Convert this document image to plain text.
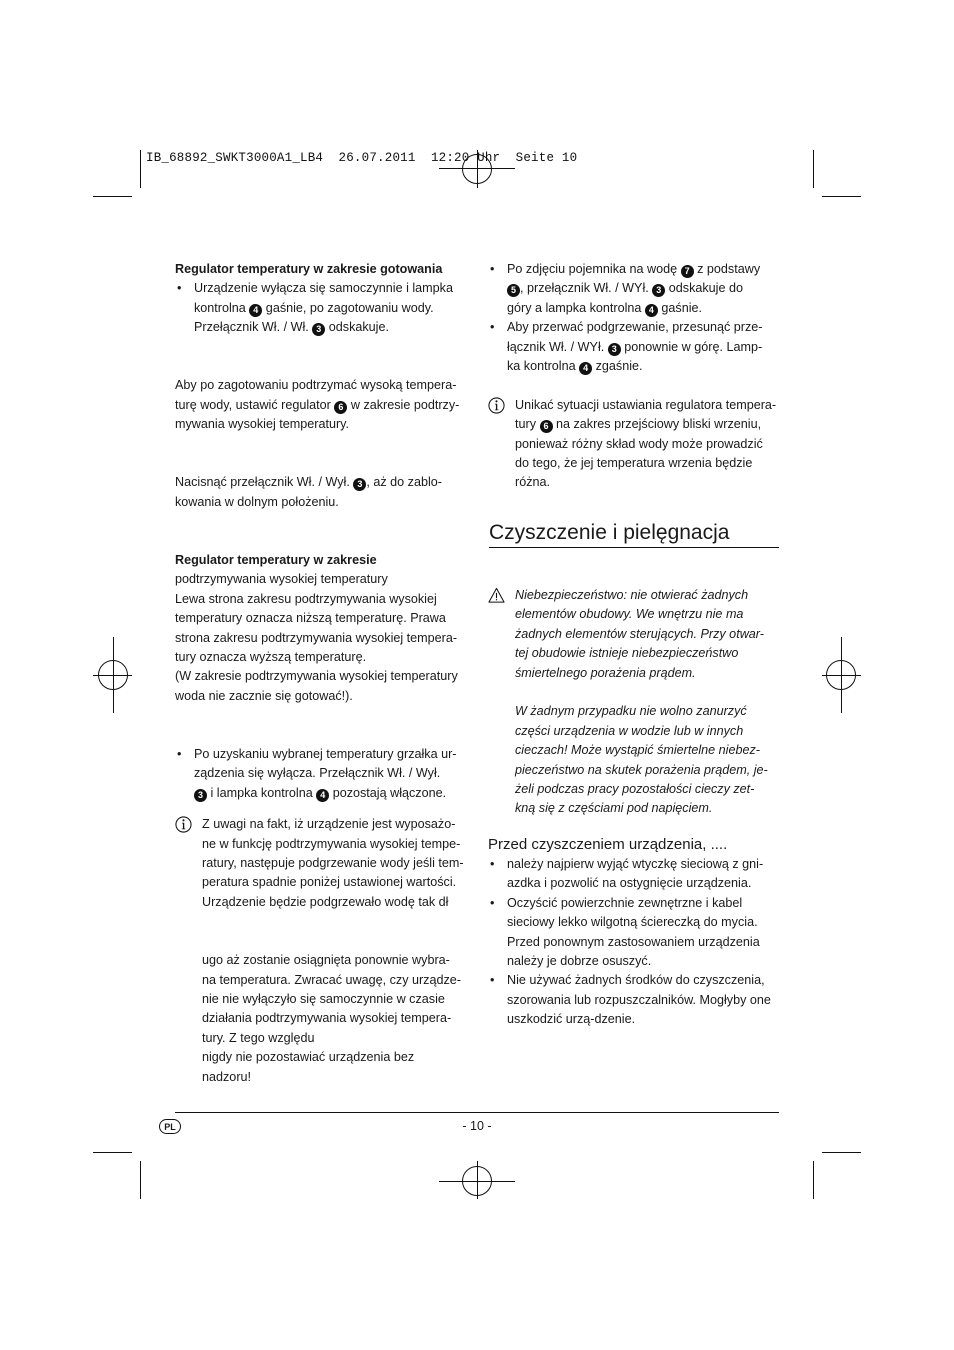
IB_68892_SWKT3000A1_LB4  26.07.2011  12:20 Uhr  Seite 10

Regulator temperatury w zakresie gotowania

• Urządzenie wyłącza się samoczynnie i lampka
kontrolna 4 gaśnie, po zagotowaniu wody.
Przełącznik Wł. / Wł. 3 odskakuje.

Aby po zagotowaniu podtrzymać wysoką tempera-
turę wody, ustawić regulator 6 w zakresie podtrzy-
mywania wysokiej temperatury.

Nacisnąć przełącznik Wł. / Wył. 3 , aż do zablo-
kowania w dolnym położeniu.

Regulator temperatury w zakresie

podtrzymywania wysokiej temperatury
Lewa strona zakresu podtrzymywania wysokiej
temperatury oznacza niższą temperaturę. Prawa
strona zakresu podtrzymywania wysokiej tempera-
tury oznacza wyższą temperaturę.
(W zakresie podtrzymywania wysokiej temperatury
woda nie zacznie się gotować!).

• Po uzyskaniu wybranej temperatury grzałka ur-
ządzenia się wyłącza. Przełącznik Wł. / Wył.
3 i lampka kontrolna 4 pozostają włączone.
Z uwagi na fakt, iż urządzenie jest wyposażo-
ne w funkcję podtrzymywania wysokiej tempe-
ratury, następuje podgrzewanie wody jeśli tem-
peratura spadnie poniżej ustawionej wartości.
Urządzenie będzie podgrzewało wodę tak dł

ugo aż zostanie osiągnięta ponownie wybra-
na temperatura. Zwracać uwagę, czy urządze-
nie nie wyłączyło się samoczynnie w czasie
działania podtrzymywania wysokiej tempera-
tury. Z tego względu
nigdy nie pozostawiać urządzenia bez
nadzoru!
• Po zdjęciu pojemnika na wodę 7 z podstawy
5 , przełącznik Wł. / WYł. 3 odskakuje do
góry a lampka kontrolna 4 gaśnie.
• Aby przerwać podgrzewanie, przesunąć prze-
łącznik Wł. / WYł. 3 ponownie w górę. Lamp-
ka kontrolna 4 zgaśnie.
Unikać sytuacji ustawiania regulatora tempera-
tury 6 na zakres przejściowy bliski wrzeniu,
ponieważ różny skład wody może prowadzić
do tego, że jej temperatura wrzenia będzie
różna.
Czyszczenie i pielęgnacja
Niebezpieczeństwo: nie otwierać żadnych
elementów obudowy. We wnętrzu nie ma
żadnych elementów sterujących. Przy otwar-
tej obudowie istnieje niebezpieczeństwo
śmiertelnego porażenia prądem.

W żadnym przypadku nie wolno zanurzyć
części urządzenia w wodzie lub w innych
cieczach! Może wystąpić śmiertelne niebez-
pieczeństwo na skutek porażenia prądem, je-
żeli podczas pracy pozostałości cieczy zet-
kną się z częściami pod napięciem.
Przed czyszczeniem urządzenia, ....
• należy najpierw wyjąć wtyczkę sieciową z gni-
azdka i pozwolić na ostygnięcie urządzenia.
• Oczyścić powierzchnie zewnętrzne i kabel
sieciowy lekko wilgotną ściereczką do mycia.
Przed ponownym zastosowaniem urządzenia
należy je dobrze osuszyć.
• Nie używać żadnych środków do czyszczenia,
szorowania lub rozpuszczalników. Mogłyby one
uszkodzić urzą-dzenie.
PL	- 10 -
